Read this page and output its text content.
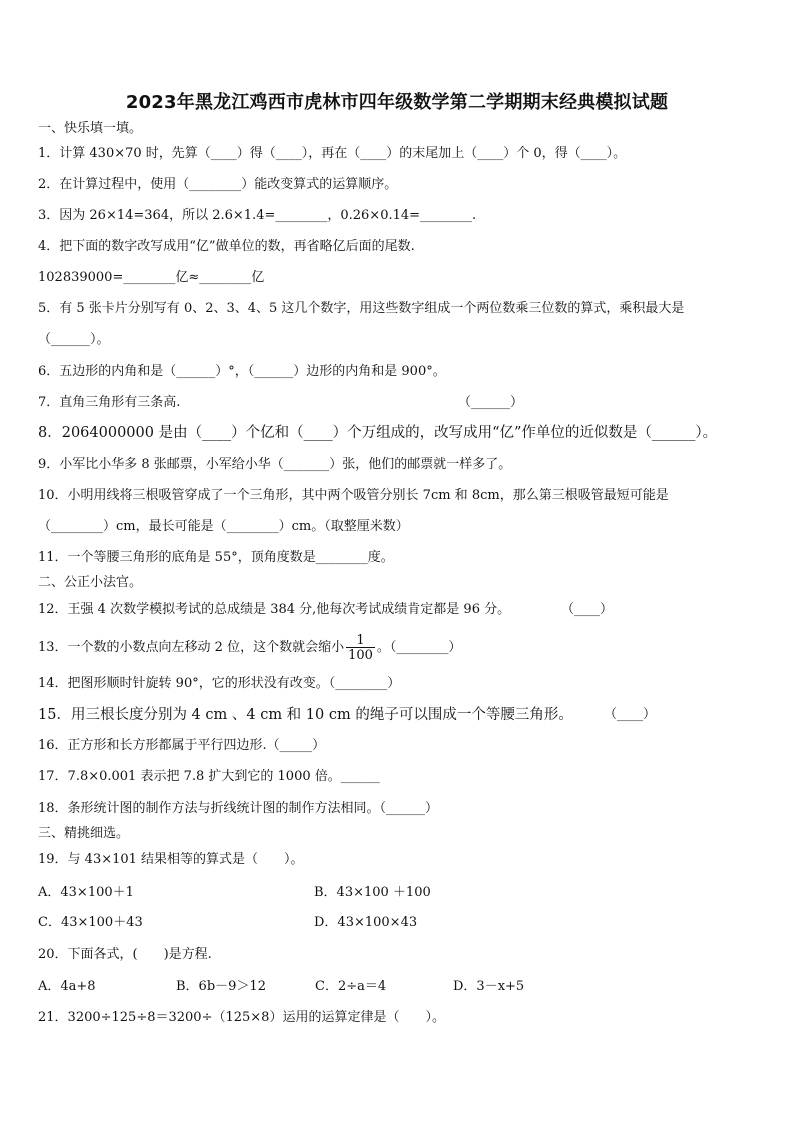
2023年黑龙江鸡西市虎林市四年级数学第二学期期末经典模拟试题
一、快乐填一填。
1．计算 430×70 时，先算（____）得（____），再在（____）的末尾加上（____）个 0，得（____）。
2．在计算过程中，使用（________）能改变算式的运算顺序。
3．因为 26×14=364，所以 2.6×1.4=________，0.26×0.14=________.
4．把下面的数字改写成用“亿”做单位的数，再省略亿后面的尾数.
102839000=________亿≈________亿
5．有 5 张卡片分别写有 0、2、3、4、5 这几个数字，用这些数字组成一个两位数乘三位数的算式，乘积最大是
（______）。
6．五边形的内角和是（______）°，（______）边形的内角和是 900°。
7．直角三角形有三条高.	（______）
8．2064000000 是由（____）个亿和（____）个万组成的，改写成用“亿”作单位的近似数是（______）。
9．小军比小华多 8 张邮票，小军给小华（_______）张，他们的邮票就一样多了。
10．小明用线将三根吸管穿成了一个三角形，其中两个吸管分别长 7cm 和 8cm，那么第三根吸管最短可能是
（________）cm，最长可能是（________）cm。（取整厘米数）
11．一个等腰三角形的底角是 55°，顶角度数是________度。
二、公正小法官。
12．王强 4 次数学模拟考试的总成绩是 384 分,他每次考试成绩肯定都是 96 分。	（____）
13．一个数的小数点向左移动 2 位，这个数就会缩小 $\frac{1}{100}$ 。（________）
14．把图形顺时针旋转 90°，它的形状没有改变。（________）
15．用三根长度分别为 4 cm 、4 cm 和 10 cm 的绳子可以围成一个等腰三角形。 （____）
16．正方形和长方形都属于平行四边形.（_____）
17．7.8×0.001 表示把 7.8 扩大到它的 1000 倍。______
18．条形统计图的制作方法与折线统计图的制作方法相同。（______）
三、精挑细选。
19．与 43×101 结果相等的算式是（　　）。
A．43×100＋1	B．43×100 ＋100
C．43×100＋43	D．43×100×43
20．下面各式，(　　)是方程.
A．4a+8	B．6b－9＞12	C．2÷a＝4	D．3－x+5
21．3200÷125÷8＝3200÷（125×8）运用的运算定律是（　　）。
